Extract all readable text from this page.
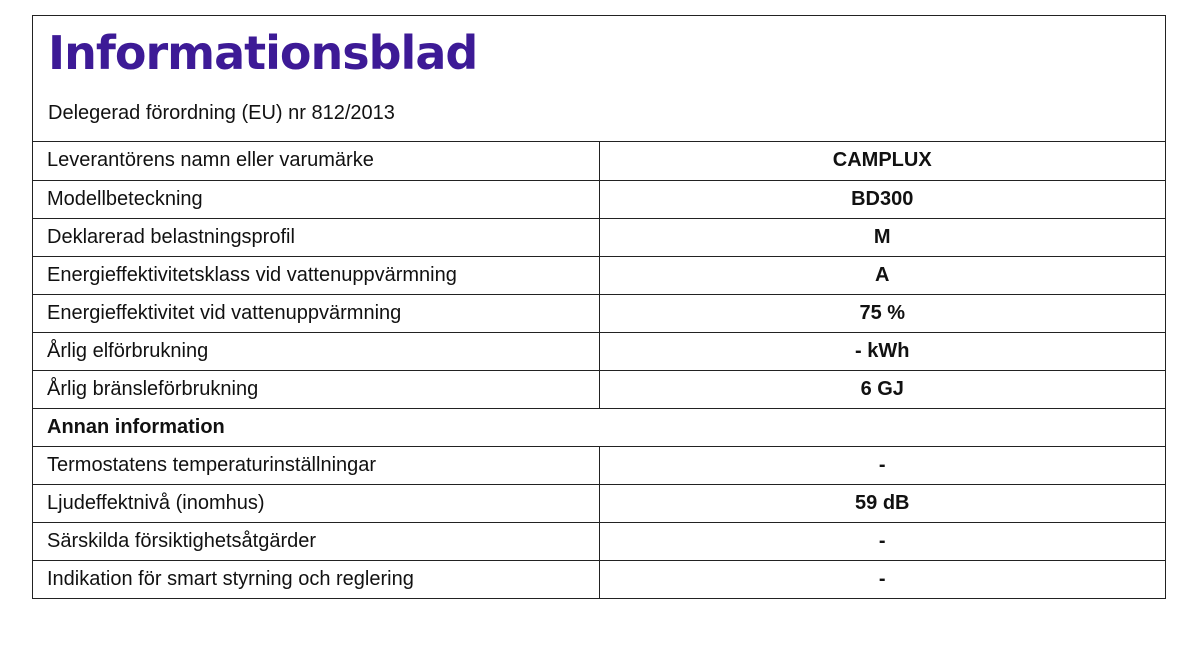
Informationsblad

Delegerad förordning (EU) nr 812/2013

Leverantörens namn eller varumärke	CAMPLUX
Modellbeteckning	BD300
Deklarerad belastningsprofil	M
Energieffektivitetsklass vid vattenuppvärmning	A
Energieffektivitet vid vattenuppvärmning	75 %
Årlig elförbrukning	- kWh
Årlig bränsleförbrukning	6 GJ
Annan information	
Termostatens temperaturinställningar	-
Ljudeffektnivå (inomhus)	59 dB
Särskilda försiktighetsåtgärder	-
Indikation för smart styrning och reglering	-
